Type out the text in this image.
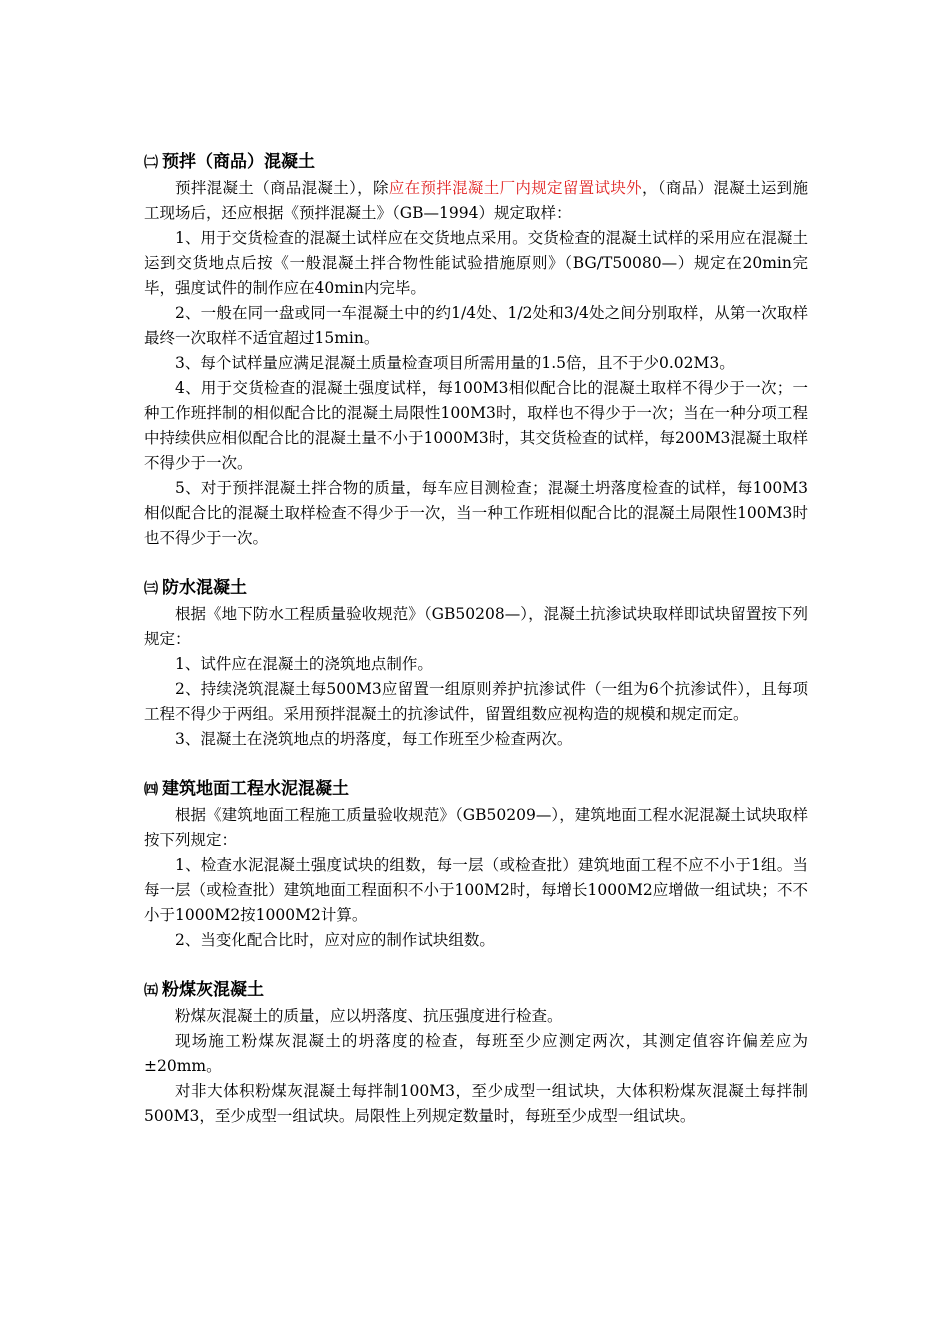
㈡ 预拌（商品）混凝土

预拌混凝土（商品混凝土），除应在预拌混凝土厂内规定留置试块外，（商品）混凝土运到施工现场后，还应根据《预拌混凝土》（GB—1994）规定取样：

1、用于交货检查的混凝土试样应在交货地点采用。交货检查的混凝土试样的采用应在混凝土运到交货地点后按《一般混凝土拌合物性能试验措施原则》（BG/T50080—）规定在20min完毕，强度试件的制作应在40min内完毕。

2、一般在同一盘或同一车混凝土中的约1/4处、1/2处和3/4处之间分别取样，从第一次取样最终一次取样不适宜超过15min。

3、每个试样量应满足混凝土质量检查项目所需用量的1.5倍，且不于少0.02M3。

4、用于交货检查的混凝土强度试样，每100M3相似配合比的混凝土取样不得少于一次；一种工作班拌制的相似配合比的混凝土局限性100M3时，取样也不得少于一次；当在一种分项工程中持续供应相似配合比的混凝土量不小于1000M3时，其交货检查的试样，每200M3混凝土取样不得少于一次。

5、对于预拌混凝土拌合物的质量，每车应目测检查；混凝土坍落度检查的试样，每100M3相似配合比的混凝土取样检查不得少于一次，当一种工作班相似配合比的混凝土局限性100M3时也不得少于一次。

㈢ 防水混凝土

根据《地下防水工程质量验收规范》（GB50208—），混凝土抗渗试块取样即试块留置按下列规定：

1、试件应在混凝土的浇筑地点制作。

2、持续浇筑混凝土每500M3应留置一组原则养护抗渗试件（一组为6个抗渗试件），且每项工程不得少于两组。采用预拌混凝土的抗渗试件，留置组数应视构造的规模和规定而定。

3、混凝土在浇筑地点的坍落度，每工作班至少检查两次。

㈣ 建筑地面工程水泥混凝土

根据《建筑地面工程施工质量验收规范》（GB50209—），建筑地面工程水泥混凝土试块取样按下列规定：

1、检查水泥混凝土强度试块的组数，每一层（或检查批）建筑地面工程不应不小于1组。当每一层（或检查批）建筑地面工程面积不小于100M2时，每增长1000M2应增做一组试块；不不小于1000M2按1000M2计算。

2、当变化配合比时，应对应的制作试块组数。

㈤ 粉煤灰混凝土

粉煤灰混凝土的质量，应以坍落度、抗压强度进行检查。

现场施工粉煤灰混凝土的坍落度的检查，每班至少应测定两次，其测定值容许偏差应为±20mm。

对非大体积粉煤灰混凝土每拌制100M3，至少成型一组试块，大体积粉煤灰混凝土每拌制500M3，至少成型一组试块。局限性上列规定数量时，每班至少成型一组试块。
